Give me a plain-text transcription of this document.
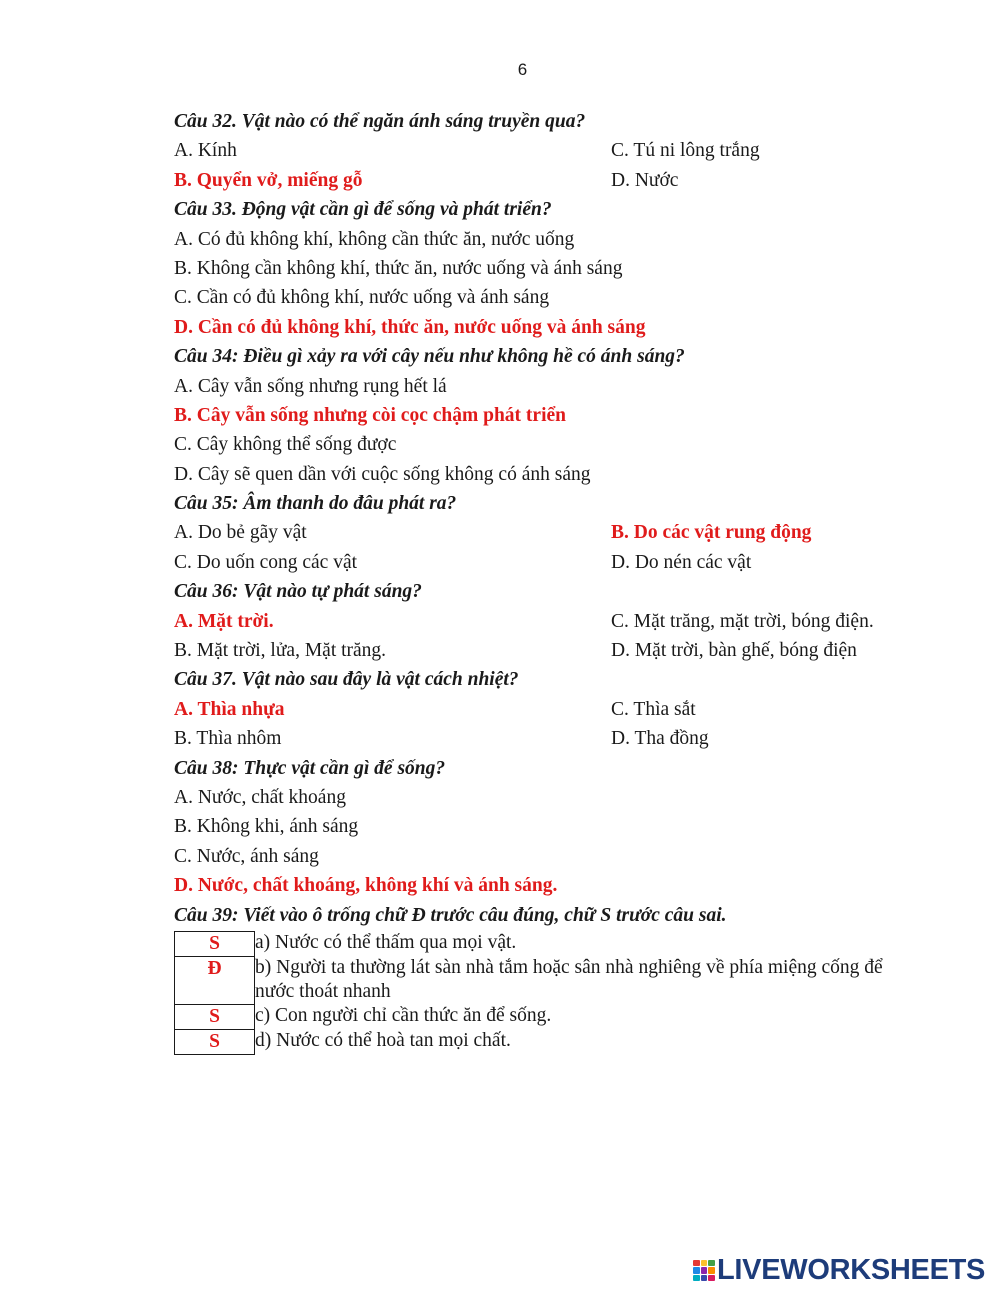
6
Câu 32. Vật nào có thể ngăn ánh sáng truyền qua?
A. Kính	C. Tú ni lông trắng
B. Quyển vở, miếng gỗ	D. Nước
Câu 33. Động vật cần gì để sống và phát triển?
A. Có đủ không khí, không cần thức ăn, nước uống
B. Không cần không khí, thức ăn, nước uống và ánh sáng
C. Cần có đủ không khí, nước uống và ánh sáng
D. Cần có đủ không khí, thức ăn, nước uống và ánh sáng
Câu 34: Điều gì xảy ra với cây nếu như không hề có ánh sáng?
A. Cây vẫn sống nhưng rụng hết lá
B. Cây vẫn sống nhưng còi cọc chậm phát triển
C. Cây không thể sống được
D. Cây sẽ quen dần với cuộc sống không có ánh sáng
Câu 35: Âm thanh do đâu phát ra?
A. Do bẻ gãy vật	B. Do các vật rung động
C. Do uốn cong các vật	D. Do nén các vật
Câu 36: Vật nào tự phát sáng?
A. Mặt trời.	C. Mặt trăng, mặt trời, bóng điện.
B. Mặt trời, lửa, Mặt trăng.	D. Mặt trời, bàn ghế, bóng điện
Câu 37. Vật nào sau đây là vật cách nhiệt?
A. Thìa nhựa	C. Thìa sắt
B. Thìa nhôm	D. Tha đồng
Câu 38: Thực vật cần gì để sống?
A. Nước, chất khoáng
B. Không khi, ánh sáng
C. Nước, ánh sáng
D. Nước, chất khoáng, không khí và ánh sáng.
Câu 39: Viết vào ô trống chữ Đ trước câu đúng, chữ S trước câu sai.
S	a) Nước có thể thấm qua mọi vật.
Đ	b) Người ta thường lát sàn nhà tắm hoặc sân nhà nghiêng về phía miệng cống để nước thoát nhanh
S	c) Con người chỉ cần thức ăn để sống.
S	d) Nước có thể hoà tan mọi chất.
LIVEWORKSHEETS
